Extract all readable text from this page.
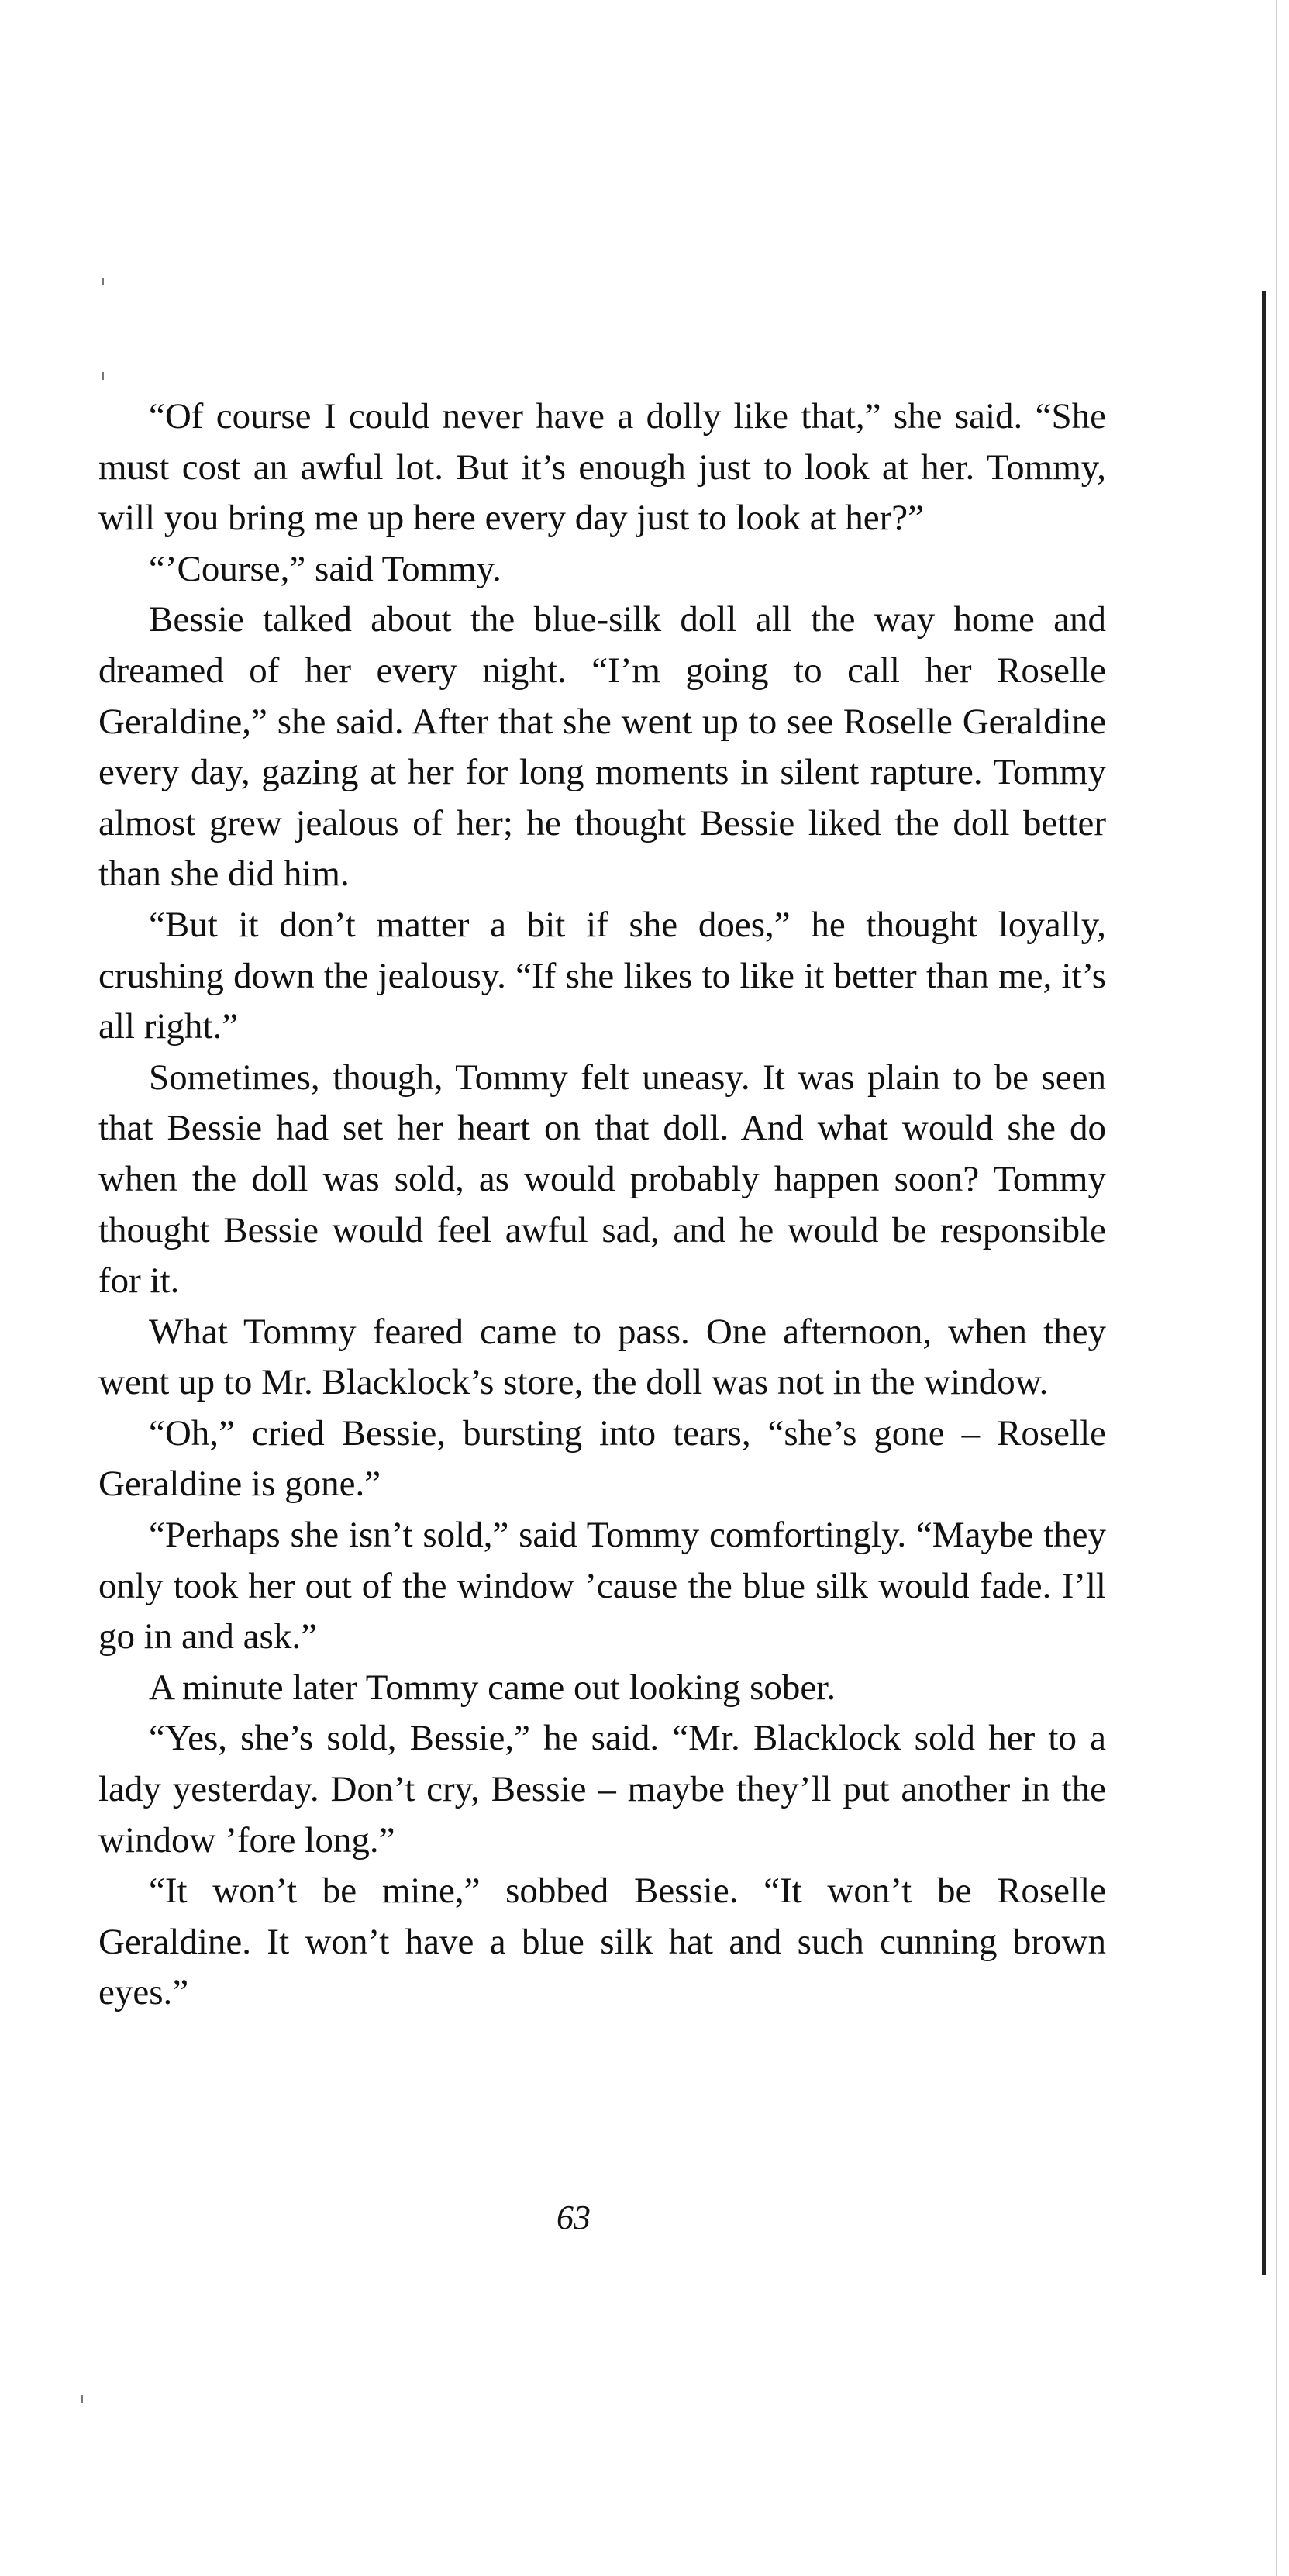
“Of course I could never have a dolly like that,” she said. “She must cost an awful lot. But it’s enough just to look at her. Tommy, will you bring me up here every day just to look at her?”

“’Course,” said Tommy.

Bessie talked about the blue-silk doll all the way home and dreamed of her every night. “I’m going to call her Roselle Geraldine,” she said. After that she went up to see Roselle Geraldine every day, gazing at her for long moments in silent rapture. Tommy almost grew jealous of her; he thought Bessie liked the doll better than she did him.

“But it don’t matter a bit if she does,” he thought loyally, crushing down the jealousy. “If she likes to like it better than me, it’s all right.”

Sometimes, though, Tommy felt uneasy. It was plain to be seen that Bessie had set her heart on that doll. And what would she do when the doll was sold, as would probably happen soon? Tommy thought Bessie would feel awful sad, and he would be responsible for it.

What Tommy feared came to pass. One afternoon, when they went up to Mr. Blacklock’s store, the doll was not in the window.

“Oh,” cried Bessie, bursting into tears, “she’s gone – Roselle Geraldine is gone.”

“Perhaps she isn’t sold,” said Tommy comfortingly. “Maybe they only took her out of the window ’cause the blue silk would fade. I’ll go in and ask.”

A minute later Tommy came out looking sober.

“Yes, she’s sold, Bessie,” he said. “Mr. Blacklock sold her to a lady yesterday. Don’t cry, Bessie – maybe they’ll put another in the window ’fore long.”

“It won’t be mine,” sobbed Bessie. “It won’t be Roselle Geraldine. It won’t have a blue silk hat and such cunning brown eyes.”

63
